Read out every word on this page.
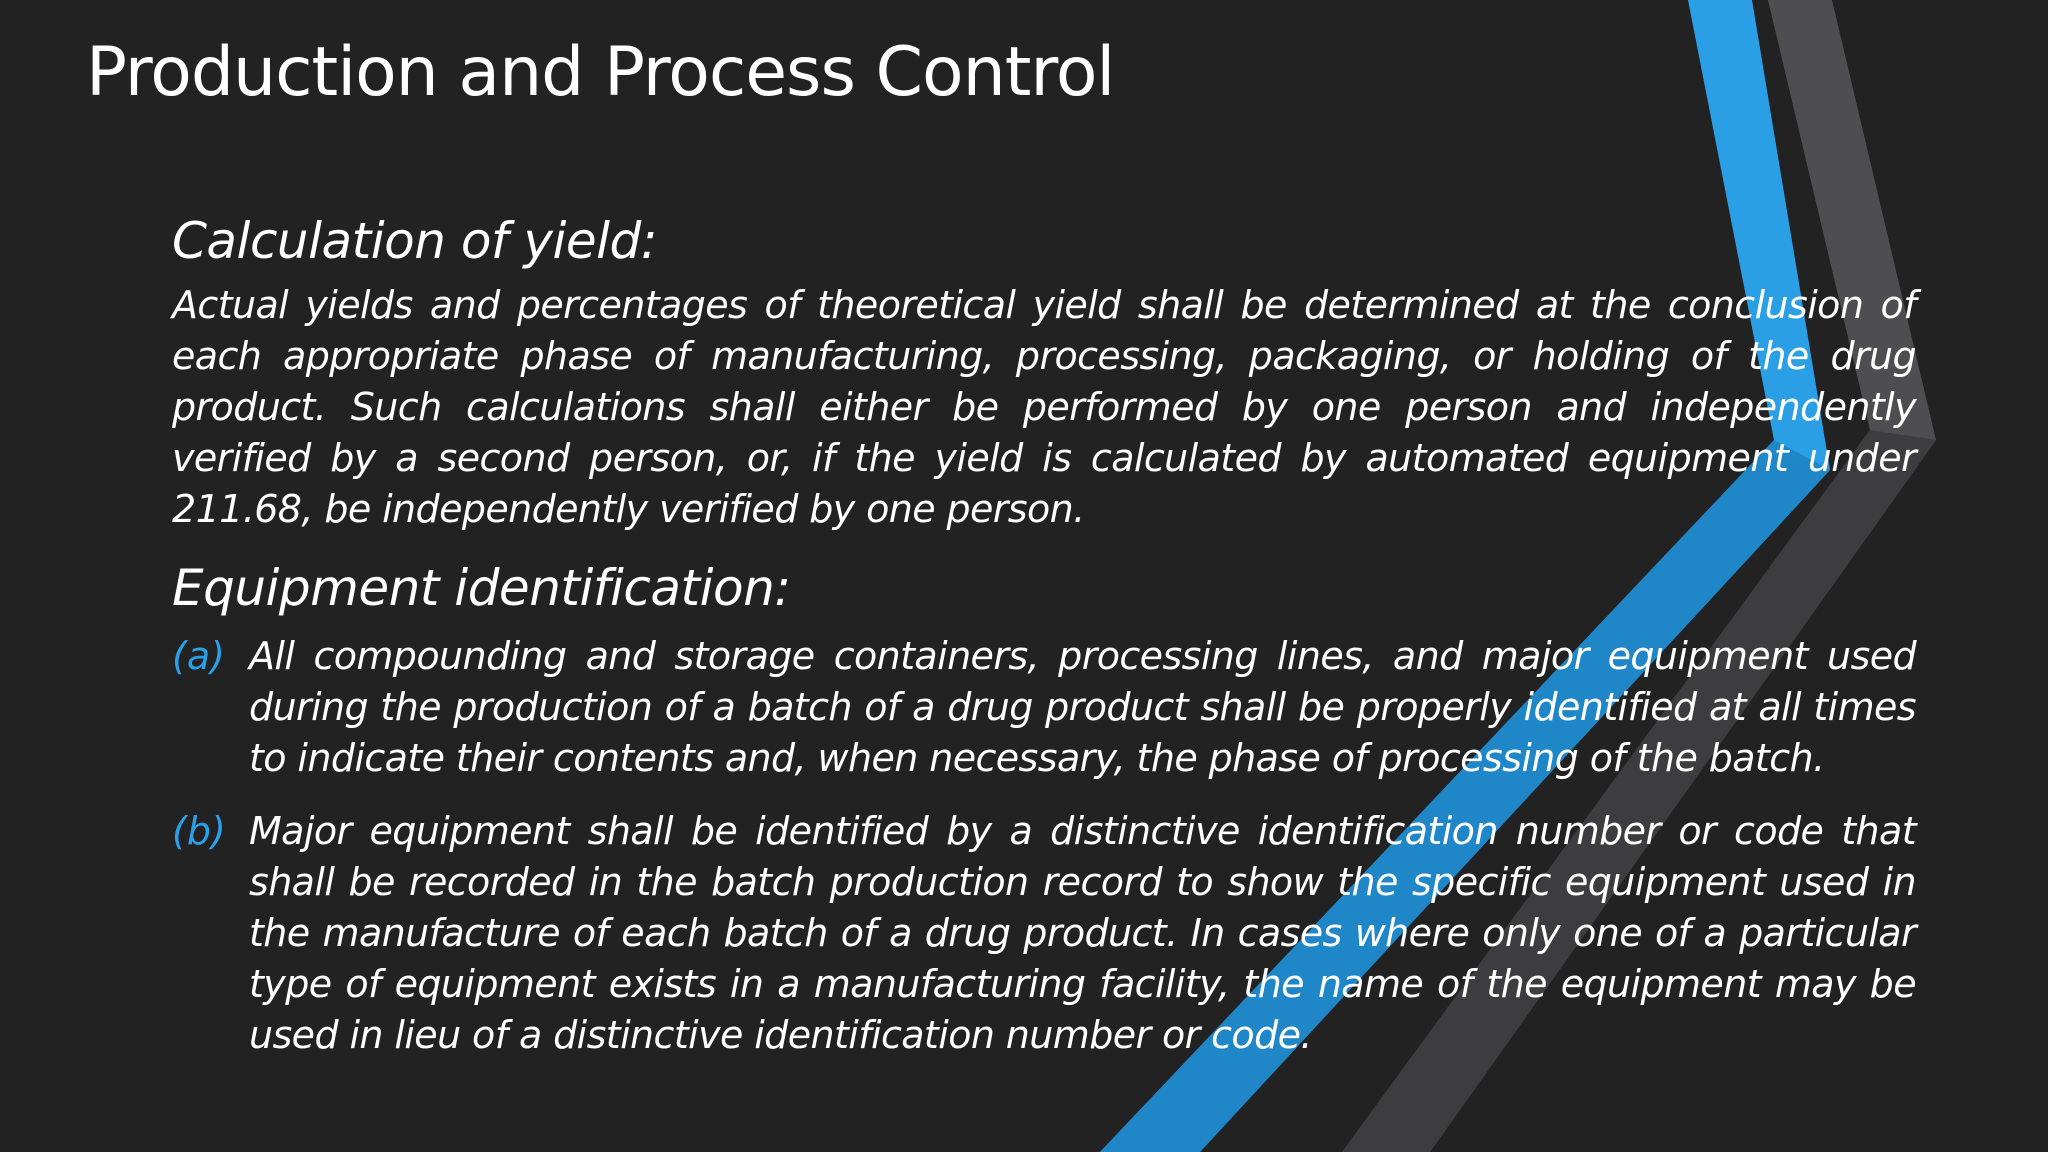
Production and Process Control
Calculation of yield:

Actual yields and percentages of theoretical yield shall be determined at the conclusion of each appropriate phase of manufacturing, processing, packaging, or holding of the drug product. Such calculations shall either be performed by one person and independently verified by a second person, or, if the yield is calculated by automated equipment under 211.68, be independently verified by one person.

Equipment identification:
(a) All compounding and storage containers, processing lines, and major equipment used during the production of a batch of a drug product shall be properly identified at all times to indicate their contents and, when necessary, the phase of processing of the batch.
(b) Major equipment shall be identified by a distinctive identification number or code that shall be recorded in the batch production record to show the specific equipment used in the manufacture of each batch of a drug product. In cases where only one of a particular type of equipment exists in a manufacturing facility, the name of the equipment may be used in lieu of a distinctive identification number or code.
